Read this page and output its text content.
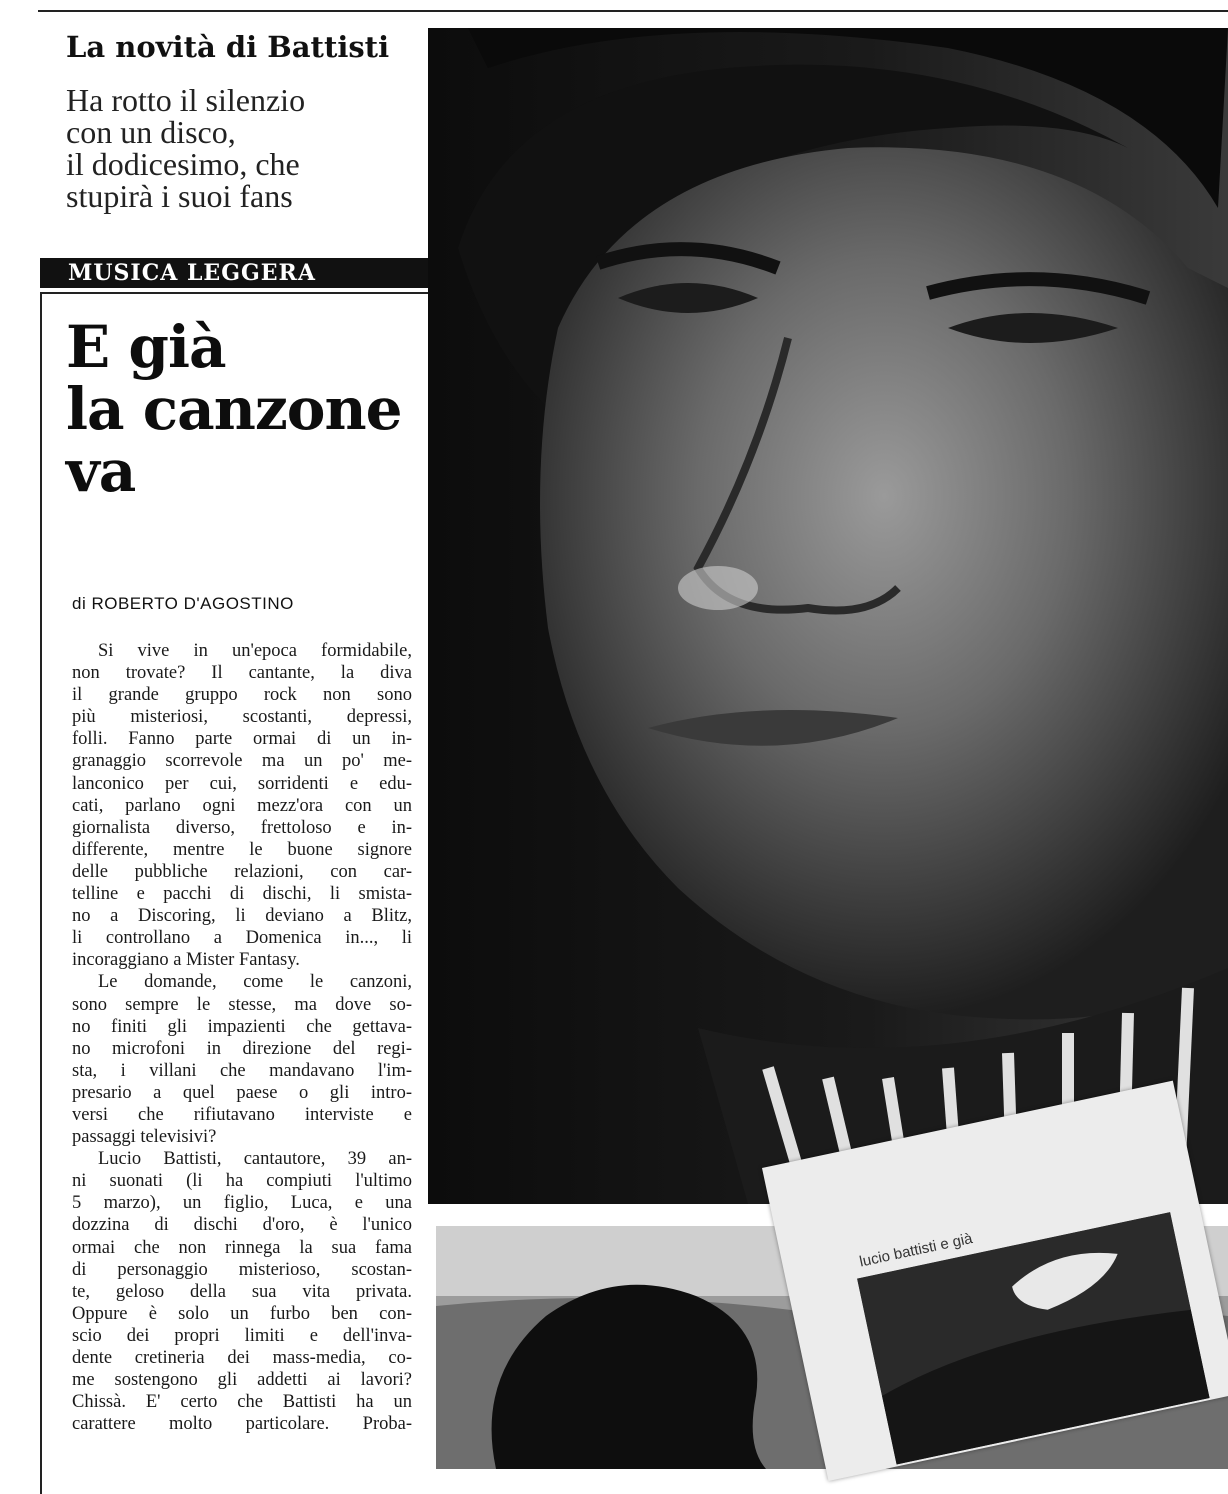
La novità di Battisti
Ha rotto il silenzio
con un disco,
il dodicesimo, che
stupirà i suoi fans
MUSICA LEGGERA
E già
la canzone
va
di ROBERTO D'AGOSTINO
Si vive in un'epoca formidabile,
non trovate? Il cantante, la diva
il grande gruppo rock non sono
più misteriosi, scostanti, depressi,
folli. Fanno parte ormai di un in-
granaggio scorrevole ma un po' me-
lanconico per cui, sorridenti e edu-
cati, parlano ogni mezz'ora con un
giornalista diverso, frettoloso e in-
differente, mentre le buone signore
delle pubbliche relazioni, con car-
telline e pacchi di dischi, li smista-
no a Discoring, li deviano a Blitz,
li controllano a Domenica in..., li
incoraggiano a Mister Fantasy.
Le domande, come le canzoni,
sono sempre le stesse, ma dove so-
no finiti gli impazienti che gettava-
no microfoni in direzione del regi-
sta, i villani che mandavano l'im-
presario a quel paese o gli intro-
versi che rifiutavano interviste e
passaggi televisivi?
Lucio Battisti, cantautore, 39 an-
ni suonati (li ha compiuti l'ultimo
5 marzo), un figlio, Luca, e una
dozzina di dischi d'oro, è l'unico
ormai che non rinnega la sua fama
di personaggio misterioso, scostan-
te, geloso della sua vita privata.
Oppure è solo un furbo ben con-
scio dei propri limiti e dell'inva-
dente cretineria dei mass-media, co-
me sostengono gli addetti ai lavori?
Chissà. E' certo che Battisti ha un
carattere molto particolare. Proba-
lucio battisti e già
